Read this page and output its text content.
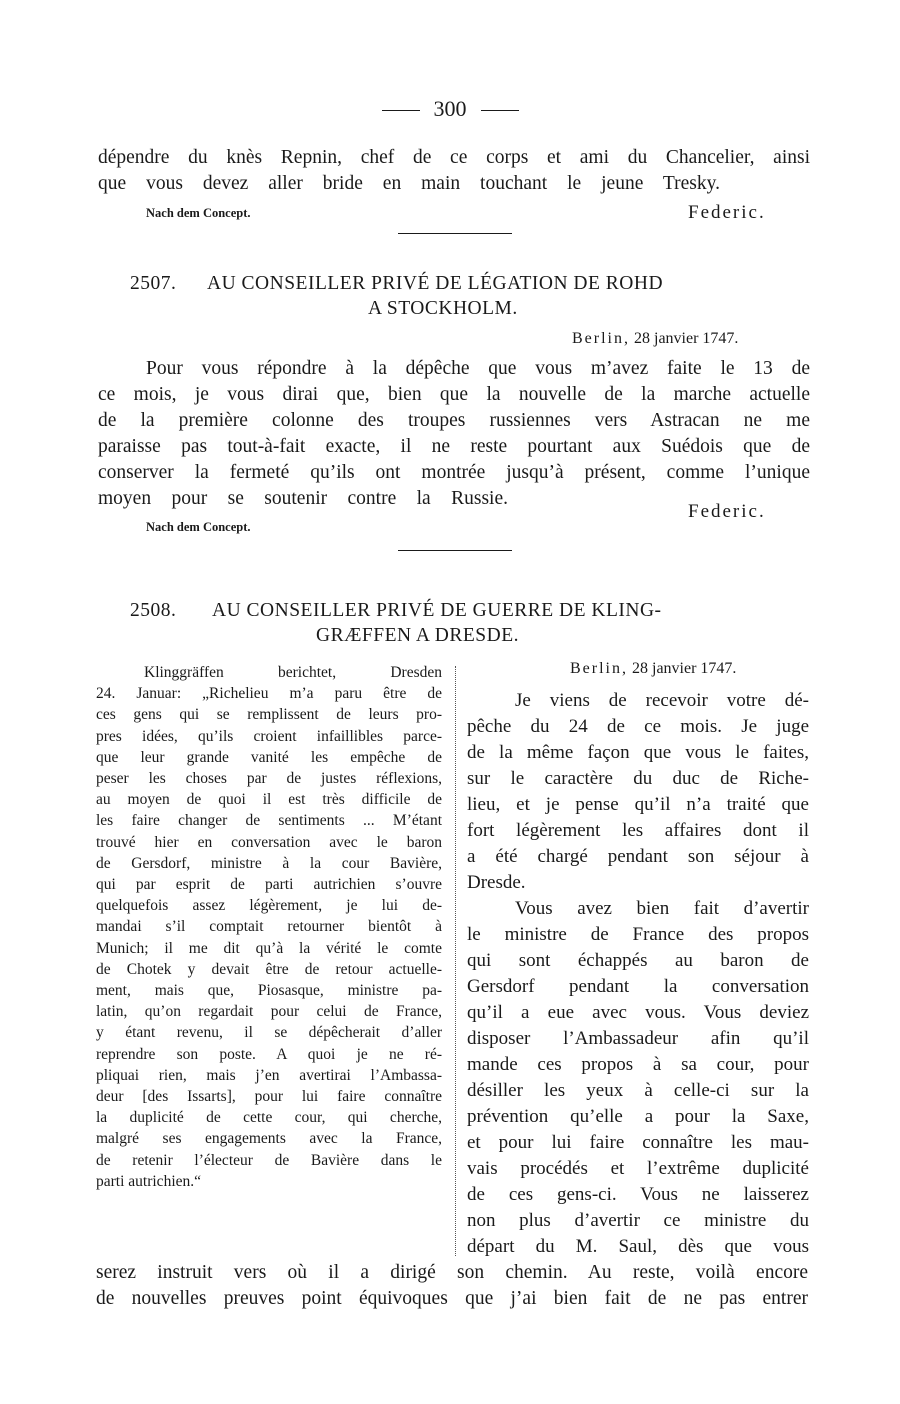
300
dépendre du knès Repnin, chef de ce corps et ami du Chancelier, ainsi
que vous devez aller bride en main touchant le jeune Tresky.
Nach dem Concept.	Federic.
2507. AU CONSEILLER PRIVÉ DE LÉGATION DE ROHD
A STOCKHOLM.
Berlin, 28 janvier 1747.
Pour vous répondre à la dépêche que vous m’avez faite le 13 de
ce mois, je vous dirai que, bien que la nouvelle de la marche actuelle
de la première colonne des troupes russiennes vers Astracan ne me
paraisse pas tout-à-fait exacte, il ne reste pourtant aux Suédois que de
conserver la fermeté qu’ils ont montrée jusqu’à présent, comme l’unique
moyen pour se soutenir contre la Russie.
Federic.
Nach dem Concept.
2508. AU CONSEILLER PRIVÉ DE GUERRE DE KLING-
GRÆFFEN A DRESDE.
Klinggräffen berichtet, Dresden
24. Januar: „Richelieu m’a paru être de
ces gens qui se remplissent de leurs pro-
pres idées, qu’ils croient infaillibles parce-
que leur grande vanité les empêche de
peser les choses par de justes réflexions,
au moyen de quoi il est très difficile de
les faire changer de sentiments ... M’étant
trouvé hier en conversation avec le baron
de Gersdorf, ministre à la cour Bavière,
qui par esprit de parti autrichien s’ouvre
quelquefois assez légèrement, je lui de-
mandai s’il comptait retourner bientôt à
Munich; il me dit qu’à la vérité le comte
de Chotek y devait être de retour actuelle-
ment, mais que, Piosasque, ministre pa-
latin, qu’on regardait pour celui de France,
y étant revenu, il se dépêcherait d’aller
reprendre son poste. A quoi je ne ré-
pliquai rien, mais j’en avertirai l’Ambassa-
deur [des Issarts], pour lui faire connaître
la duplicité de cette cour, qui cherche,
malgré ses engagements avec la France,
de retenir l’électeur de Bavière dans le
parti autrichien.“
Berlin, 28 janvier 1747.
Je viens de recevoir votre dé-
pêche du 24 de ce mois. Je juge
de la même façon que vous le faites,
sur le caractère du duc de Riche-
lieu, et je pense qu’il n’a traité que
fort légèrement les affaires dont il
a été chargé pendant son séjour à
Dresde.
Vous avez bien fait d’avertir
le ministre de France des propos
qui sont échappés au baron de
Gersdorf pendant la conversation
qu’il a eue avec vous. Vous deviez
disposer l’Ambassadeur afin qu’il
mande ces propos à sa cour, pour
désiller les yeux à celle-ci sur la
prévention qu’elle a pour la Saxe,
et pour lui faire connaître les mau-
vais procédés et l’extrême duplicité
de ces gens-ci. Vous ne laisserez
non plus d’avertir ce ministre du
départ du M. Saul, dès que vous
serez instruit vers où il a dirigé son chemin. Au reste, voilà encore
de nouvelles preuves point équivoques que j’ai bien fait de ne pas entrer
